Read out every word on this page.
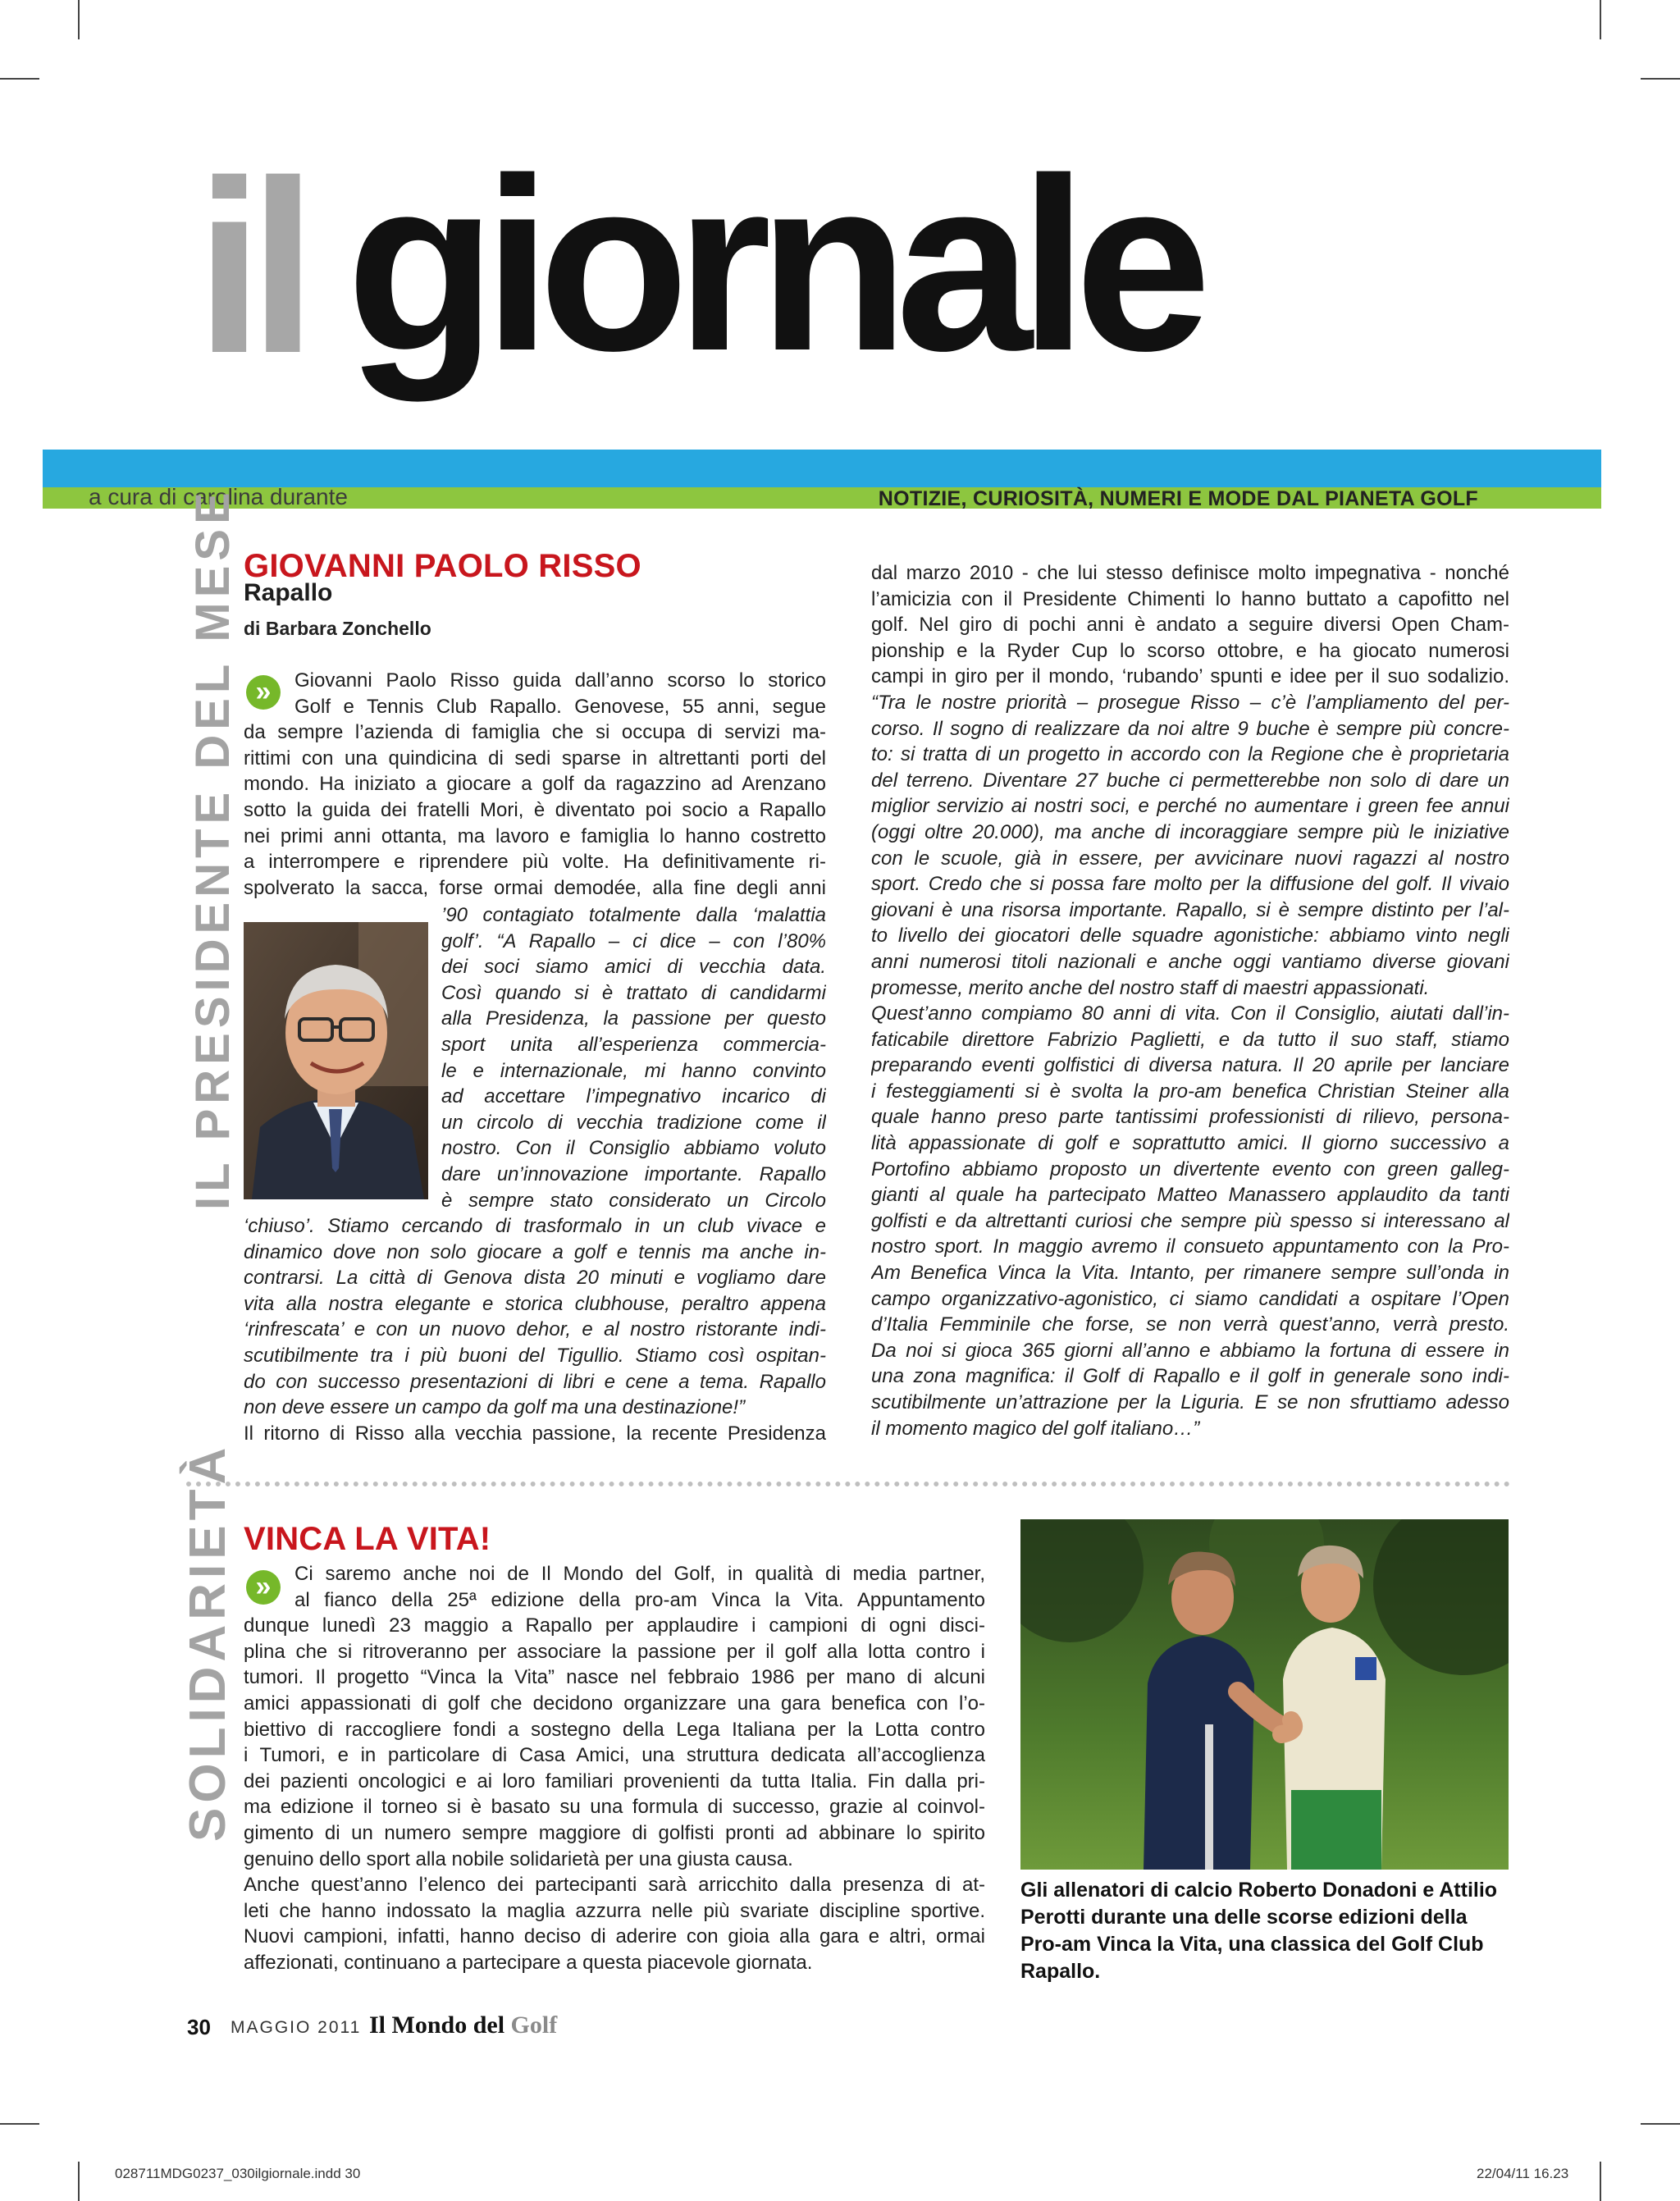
il giornale
a cura di carolina durante	NOTIZIE, CURIOSITÀ, NUMERI E MODE DAL PIANETA GOLF
IL PRESIDENTE DEL MESE GIOVANNI PAOLO RISSO
Rapallo
di Barbara Zonchello
»	Giovanni Paolo Risso guida dall’anno scorso lo storico
Golf e Tennis Club Rapallo. Genovese, 55 anni, segue
da sempre l’azienda di famiglia che si occupa di servizi ma-
rittimi con una quindicina di sedi sparse in altrettanti porti del
mondo. Ha iniziato a giocare a golf da ragazzino ad Arenzano
sotto la guida dei fratelli Mori, è diventato poi socio a Rapallo
nei primi anni ottanta, ma lavoro e famiglia lo hanno costretto
a interrompere e riprendere più volte. Ha definitivamente ri-
spolverato la sacca, forse ormai demodée, alla fine degli anni
’90 contagiato totalmente dalla ‘malattia
golf’. “A Rapallo – ci dice – con l’80%
dei soci siamo amici di vecchia data.
Così quando si è trattato di candidarmi
alla Presidenza, la passione per questo
sport unita all’esperienza commercia-
le e internazionale, mi hanno convinto
ad accettare l’impegnativo incarico di
un circolo di vecchia tradizione come il
nostro. Con il Consiglio abbiamo voluto
dare un’innovazione importante. Rapallo
è sempre stato considerato un Circolo
‘chiuso’. Stiamo cercando di trasformalo in un club vivace e
dinamico dove non solo giocare a golf e tennis ma anche in-
contrarsi. La città di Genova dista 20 minuti e vogliamo dare
vita alla nostra elegante e storica clubhouse, peraltro appena
‘rinfrescata’ e con un nuovo dehor, e al nostro ristorante indi-
scutibilmente tra i più buoni del Tigullio. Stiamo così ospitan-
do con successo presentazioni di libri e cene a tema. Rapallo
non deve essere un campo da golf ma una destinazione!”
Il ritorno di Risso alla vecchia passione, la recente Presidenza
dal marzo 2010 - che lui stesso definisce molto impegnativa - nonché
l’amicizia con il Presidente Chimenti lo hanno buttato a capofitto nel
golf. Nel giro di pochi anni è andato a seguire diversi Open Cham-
pionship e la Ryder Cup lo scorso ottobre, e ha giocato numerosi
campi in giro per il mondo, ‘rubando’ spunti e idee per il suo sodalizio.
“Tra le nostre priorità – prosegue Risso – c’è l’ampliamento del per-
corso. Il sogno di realizzare da noi altre 9 buche è sempre più concre-
to: si tratta di un progetto in accordo con la Regione che è proprietaria
del terreno. Diventare 27 buche ci permetterebbe non solo di dare un
miglior servizio ai nostri soci, e perché no aumentare i green fee annui
(oggi oltre 20.000), ma anche di incoraggiare sempre più le iniziative
con le scuole, già in essere, per avvicinare nuovi ragazzi al nostro
sport. Credo che si possa fare molto per la diffusione del golf. Il vivaio
giovani è una risorsa importante. Rapallo, si è sempre distinto per l’al-
to livello dei giocatori delle squadre agonistiche: abbiamo vinto negli
anni numerosi titoli nazionali e anche oggi vantiamo diverse giovani
promesse, merito anche del nostro staff di maestri appassionati.
Quest’anno compiamo 80 anni di vita. Con il Consiglio, aiutati dall’in-
faticabile direttore Fabrizio Paglietti, e da tutto il suo staff, stiamo
preparando eventi golfistici di diversa natura. Il 20 aprile per lanciare
i festeggiamenti si è svolta la pro-am benefica Christian Steiner alla
quale hanno preso parte tantissimi professionisti di rilievo, persona-
lità appassionate di golf e soprattutto amici. Il giorno successivo a
Portofino abbiamo proposto un divertente evento con green galleg-
gianti al quale ha partecipato Matteo Manassero applaudito da tanti
golfisti e da altrettanti curiosi che sempre più spesso si interessano al
nostro sport. In maggio avremo il consueto appuntamento con la Pro-
Am Benefica Vinca la Vita. Intanto, per rimanere sempre sull’onda in
campo organizzativo-agonistico, ci siamo candidati a ospitare l’Open
d’Italia Femminile che forse, se non verrà quest’anno, verrà presto.
Da noi si gioca 365 giorni all’anno e abbiamo la fortuna di essere in
una zona magnifica: il Golf di Rapallo e il golf in generale sono indi-
scutibilmente un’attrazione per la Liguria. E se non sfruttiamo adesso
il momento magico del golf italiano…”
SOLIDARIETÀ VINCA LA VITA!
»	Ci saremo anche noi de Il Mondo del Golf, in qualità di media partner,
al fianco della 25ª edizione della pro-am Vinca la Vita. Appuntamento
dunque lunedì 23 maggio a Rapallo per applaudire i campioni di ogni disci-
plina che si ritroveranno per associare la passione per il golf alla lotta contro i
tumori. Il progetto “Vinca la Vita” nasce nel febbraio 1986 per mano di alcuni
amici appassionati di golf che decidono organizzare una gara benefica con l’o-
biettivo di raccogliere fondi a sostegno della Lega Italiana per la Lotta contro
i Tumori, e in particolare di Casa Amici, una struttura dedicata all’accoglienza
dei pazienti oncologici e ai loro familiari provenienti da tutta Italia. Fin dalla pri-
ma edizione il torneo si è basato su una formula di successo, grazie al coinvol-
gimento di un numero sempre maggiore di golfisti pronti ad abbinare lo spirito
genuino dello sport alla nobile solidarietà per una giusta causa.
Anche quest’anno l’elenco dei partecipanti sarà arricchito dalla presenza di at-
leti che hanno indossato la maglia azzurra nelle più svariate discipline sportive.
Nuovi campioni, infatti, hanno deciso di aderire con gioia alla gara e altri, ormai
affezionati, continuano a partecipare a questa piacevole giornata.
Gli allenatori di calcio Roberto Donadoni e Attilio Perotti durante una delle scorse edizioni della Pro-am Vinca la Vita, una classica del Golf Club Rapallo.
30 MAGGIO 2011 Il Mondo del Golf
028711MDG0237_030ilgiornale.indd 30	22/04/11 16.23
